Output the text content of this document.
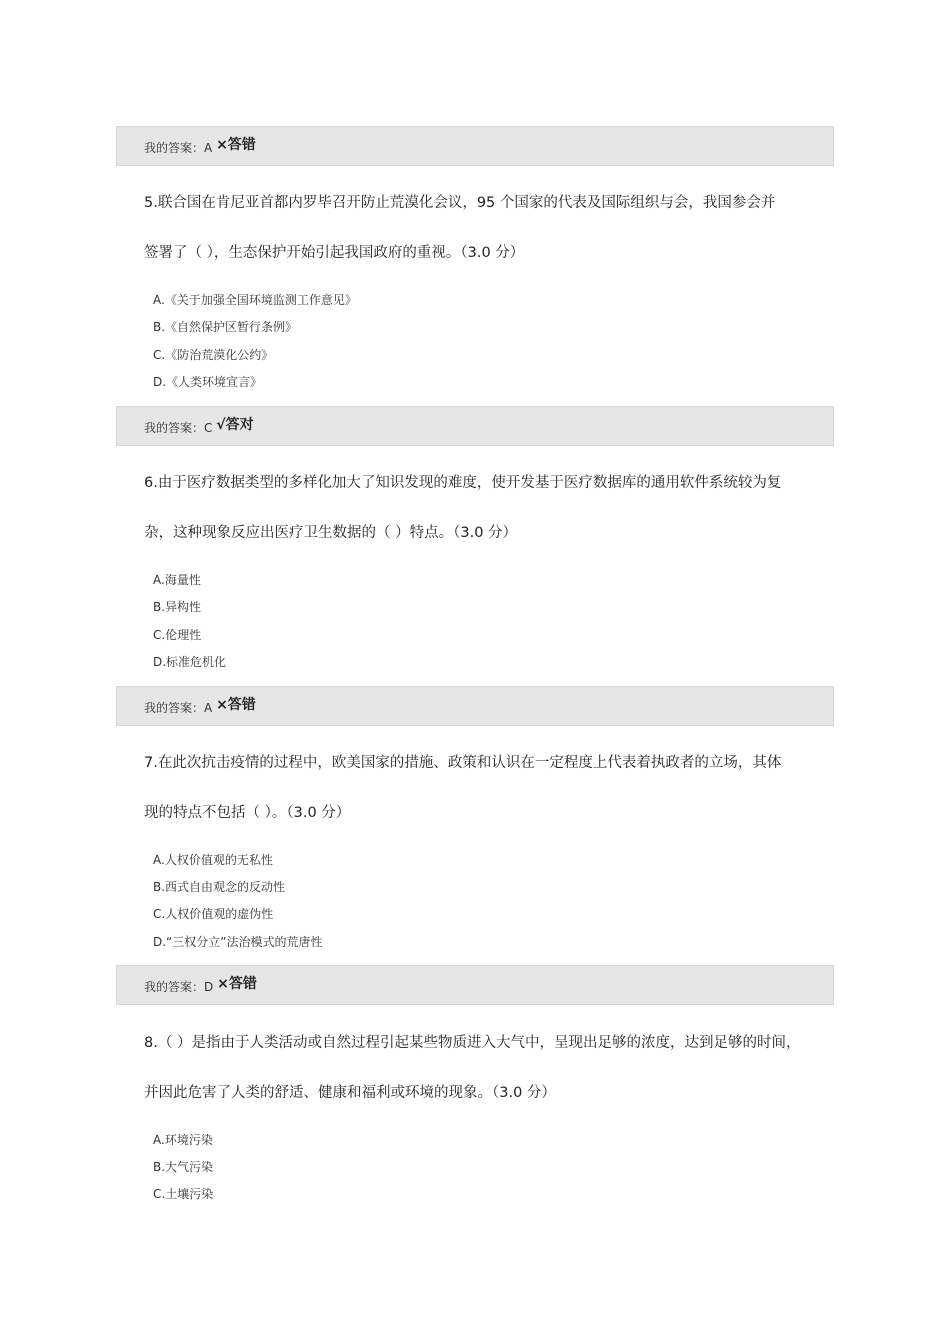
我的答案：A ×答错
5.联合国在肯尼亚首都内罗毕召开防止荒漠化会议，95 个国家的代表及国际组织与会，我国参会并
签署了（ ），生态保护开始引起我国政府的重视。（3.0 分）
A.《关于加强全国环境监测工作意见》
B.《自然保护区暂行条例》
C.《防治荒漠化公约》
D.《人类环境宣言》
我的答案：C √答对
6.由于医疗数据类型的多样化加大了知识发现的难度，使开发基于医疗数据库的通用软件系统较为复
杂，这种现象反应出医疗卫生数据的（ ）特点。（3.0 分）
A.海量性
B.异构性
C.伦理性
D.标准危机化
我的答案：A ×答错
7.在此次抗击疫情的过程中，欧美国家的措施、政策和认识在一定程度上代表着执政者的立场，其体
现的特点不包括（ ）。（3.0 分）
A.人权价值观的无私性
B.西式自由观念的反动性
C.人权价值观的虚伪性
D.“三权分立”法治模式的荒唐性
我的答案：D ×答错
8.（ ）是指由于人类活动或自然过程引起某些物质进入大气中，呈现出足够的浓度，达到足够的时间，
并因此危害了人类的舒适、健康和福利或环境的现象。（3.0 分）
A.环境污染
B.大气污染
C.土壤污染
